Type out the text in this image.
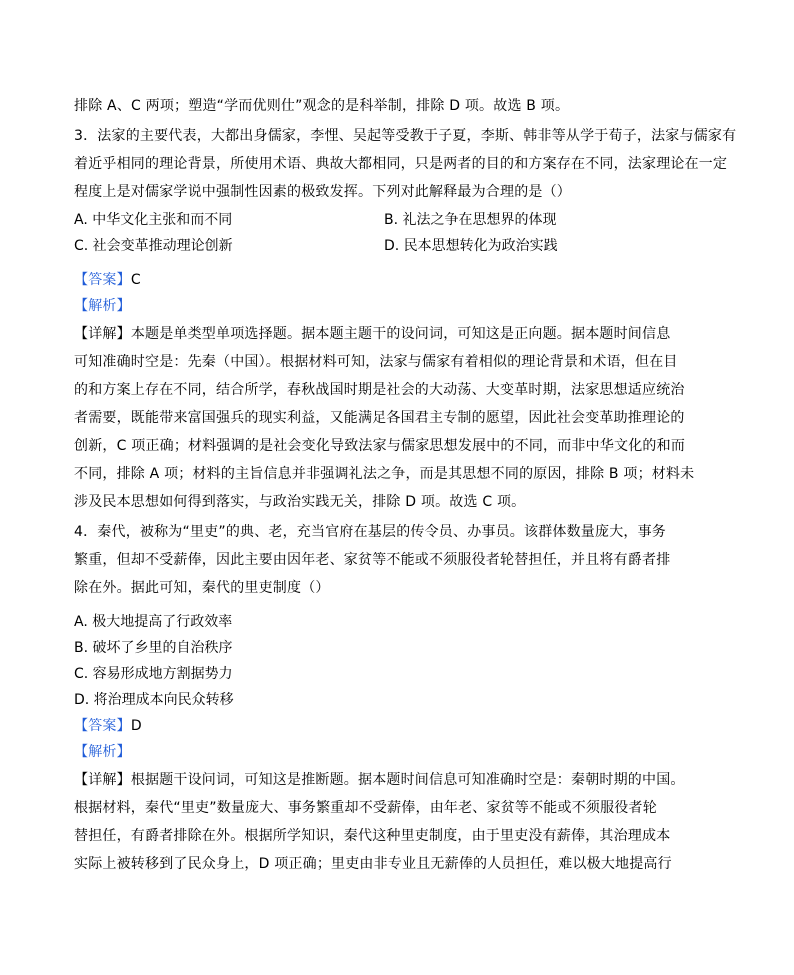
排除 A、C 两项；塑造“学而优则仕”观念的是科举制，排除 D 项。故选 B 项。
3．法家的主要代表，大都出身儒家，李悝、吴起等受教于子夏，李斯、韩非等从学于荀子，法家与儒家有
着近乎相同的理论背景，所使用术语、典故大都相同，只是两者的目的和方案存在不同，法家理论在一定
程度上是对儒家学说中强制性因素的极致发挥。下列对此解释最为合理的是（）
A. 中华文化主张和而不同	B. 礼法之争在思想界的体现
C. 社会变革推动理论创新	D. 民本思想转化为政治实践
【答案】C
【解析】
【详解】本题是单类型单项选择题。据本题主题干的设问词，可知这是正向题。据本题时间信息
可知准确时空是：先秦（中国）。根据材料可知，法家与儒家有着相似的理论背景和术语，但在目
的和方案上存在不同，结合所学，春秋战国时期是社会的大动荡、大变革时期，法家思想适应统治
者需要，既能带来富国强兵的现实利益，又能满足各国君主专制的愿望，因此社会变革助推理论的
创新，C 项正确；材料强调的是社会变化导致法家与儒家思想发展中的不同，而非中华文化的和而
不同，排除 A 项；材料的主旨信息并非强调礼法之争，而是其思想不同的原因，排除 B 项；材料未
涉及民本思想如何得到落实，与政治实践无关，排除 D 项。故选 C 项。
4．秦代，被称为“里吏”的典、老，充当官府在基层的传令员、办事员。该群体数量庞大，事务
繁重，但却不受薪俸，因此主要由因年老、家贫等不能或不须服役者轮替担任，并且将有爵者排
除在外。据此可知，秦代的里吏制度（）
A. 极大地提高了行政效率
B. 破坏了乡里的自治秩序
C. 容易形成地方割据势力
D. 将治理成本向民众转移
【答案】D
【解析】
【详解】根据题干设问词，可知这是推断题。据本题时间信息可知准确时空是：秦朝时期的中国。
根据材料，秦代“里吏”数量庞大、事务繁重却不受薪俸，由年老、家贫等不能或不须服役者轮
替担任，有爵者排除在外。根据所学知识，秦代这种里吏制度，由于里吏没有薪俸，其治理成本
实际上被转移到了民众身上，D 项正确；里吏由非专业且无薪俸的人员担任，难以极大地提高行
